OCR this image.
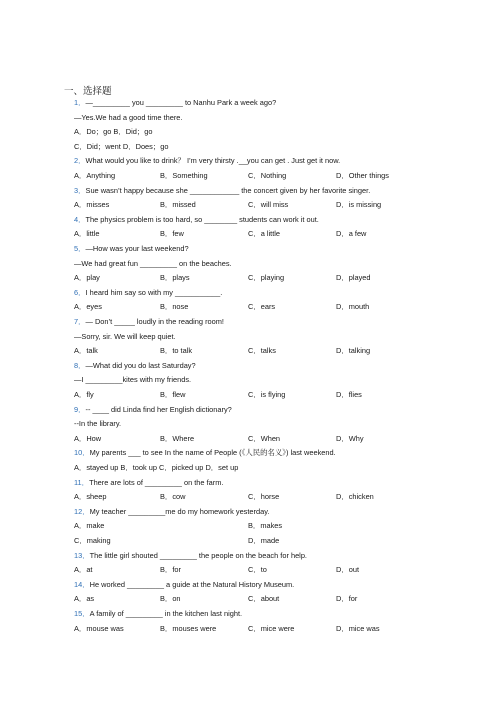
一、选择题
1．—_________ you _________ to Nanhu Park a week ago?
—Yes.We had a good time there.
A．Do；go B．Did；go
C．Did；went D．Does；go
2．What would you like to drink？ I’m very thirsty .__you can get . Just get it now.
A．Anything	B．Something	C．Nothing	D．Other things
3．Sue wasn’t happy because she ____________ the concert given by her favorite singer.
A．misses	B．missed	C．will miss	D．is missing
4．The physics problem is too hard, so ________ students can work it out.
A．little	B．few	C．a little	D．a few
5．—How was your last weekend?
—We had great fun _________ on the beaches.
A．play	B．plays	C．playing	D．played
6．I heard him say so with my ___________.
A．eyes	B．nose	C．ears	D．mouth
7．— Don’t _____ loudly in the reading room!
—Sorry, sir. We will keep quiet.
A．talk	B．to talk	C．talks	D．talking
8．—What did you do last Saturday?
—I _________kites with my friends.
A．fly	B．flew	C．is flying	D．flies
9．-- ____ did Linda find her English dictionary?
--In the library.
A．How	B．Where	C．When	D．Why
10．My parents ___ to see In the name of People (《人民的名义》) last weekend.
A．stayed up B．took up C．picked up D．set up
11．There are lots of _________ on the farm.
A．sheep	B．cow	C．horse	D．chicken
12．My teacher _________me do my homework yesterday.
A．make	B．makes
C．making	D．made
13．The little girl shouted _________ the people on the beach for help.
A．at	B．for	C．to	D．out
14．He worked _________ a guide at the Natural History Museum.
A．as	B．on	C．about	D．for
15．A family of _________ in the kitchen last night.
A．mouse was	B．mouses were	C．mice were	D．mice was
